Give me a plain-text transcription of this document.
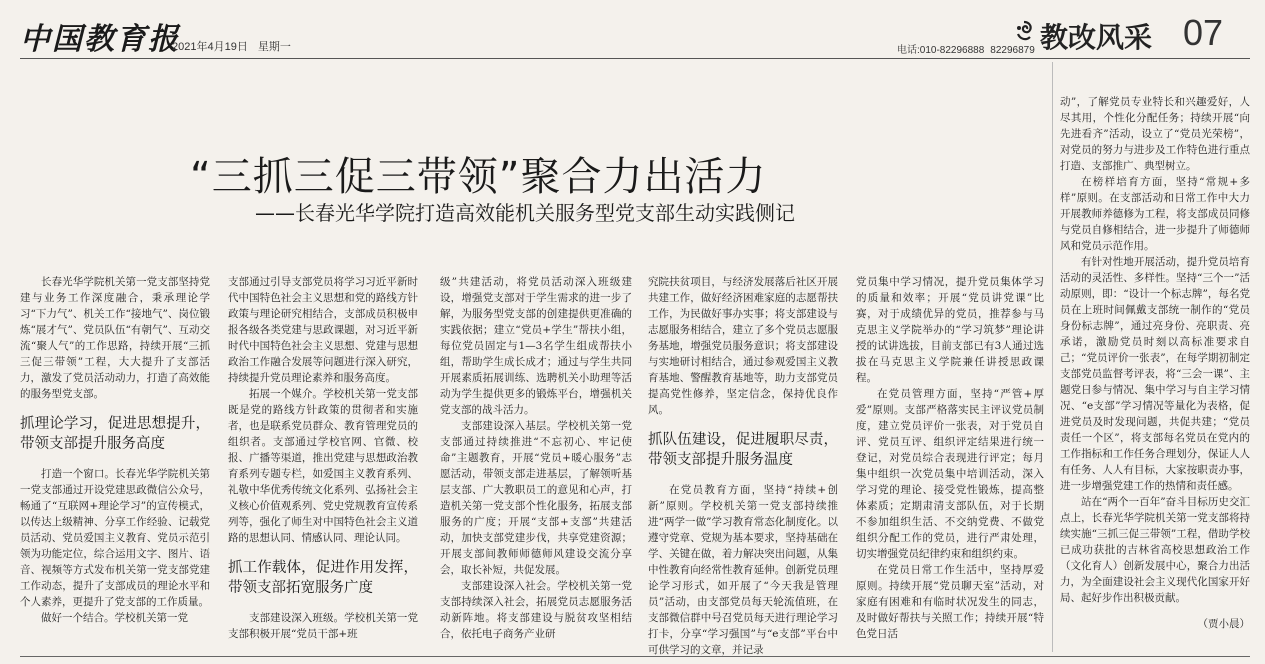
中国教育报
2021年4月19日 星期一	电话:010-82296888 82296879 教改风采 07
“三抓三促三带领”聚合力出活力
——长春光华学院打造高效能机关服务型党支部生动实践侧记

长春光华学院机关第一党支部坚持党建与业务工作深度融合，秉承理论学习“下力气”、机关工作“接地气”、岗位锻炼“展才气”、党员队伍“有朝气”、互动交流“聚人气”的工作思路，持续开展“三抓三促三带领”工程，大大提升了支部活力，激发了党员活动动力，打造了高效能的服务型党支部。

抓理论学习，促进思想提升，带领支部提升服务高度

打造一个窗口。长春光华学院机关第一党支部通过开设党建思政微信公众号，畅通了“互联网+理论学习”的宣传模式，以传达上级精神、分享工作经验、记载党员活动、党员爱国主义教育、党员示范引领为功能定位，综合运用文字、图片、语音、视频等方式发布机关第一党支部党建工作动态，提升了支部成员的理论水平和个人素养，更提升了党支部的工作质量。

做好一个结合。学校机关第一党

支部通过引导支部党员将学习习近平新时代中国特色社会主义思想和党的路线方针政策与理论研究相结合，支部成员积极申报各级各类党建与思政课题，对习近平新时代中国特色社会主义思想、党建与思想政治工作融合发展等问题进行深入研究，持续提升党员理论素养和服务高度。

拓展一个媒介。学校机关第一党支部既是党的路线方针政策的贯彻者和实施者，也是联系党员群众、教育管理党员的组织者。支部通过学校官网、官微、校报、广播等渠道，推出党建与思想政治教育系列专题专栏，如爱国主义教育系列、礼敬中华优秀传统文化系列、弘扬社会主义核心价值观系列、党史党规教育宣传系列等，强化了师生对中国特色社会主义道路的思想认同、情感认同、理论认同。

抓工作载体，促进作用发挥，带领支部拓宽服务广度

支部建设深入班级。学校机关第一党支部积极开展“党员干部+班

级”共建活动，将党员活动深入班级建设，增强党支部对于学生需求的进一步了解，为服务型党支部的创建提供更准确的实践依据；建立“党员+学生”帮扶小组，每位党员固定与1—3名学生组成帮扶小组，帮助学生成长成才；通过与学生共同开展素质拓展训练、选聘机关小助理等活动为学生提供更多的锻炼平台，增强机关党支部的战斗活力。

支部建设深入基层。学校机关第一党支部通过持续推进“不忘初心、牢记使命”主题教育，开展“党员+暖心服务”志愿活动，带领支部走进基层，了解领听基层支部、广大教职员工的意见和心声，打造机关第一党支部个性化服务，拓展支部服务的广度；开展“支部+支部”共建活动，加快支部党建步伐，共享党建资源；开展支部间教师师德师风建设交流分享会，取长补短，共促发展。

支部建设深入社会。学校机关第一党支部持续深入社会，拓展党员志愿服务活动新阵地。将支部建设与脱贫攻坚相结合，依托电子商务产业研

究院扶贫项目，与经济发展落后社区开展共建工作，做好经济困难家庭的志愿帮扶工作，为民做好事办实事；将支部建设与志愿服务相结合，建立了多个党员志愿服务基地，增强党员服务意识；将支部建设与实地研讨相结合，通过参观爱国主义教育基地、警醒教育基地等，助力支部党员提高党性修养，坚定信念，保持优良作风。

抓队伍建设，促进履职尽责，带领支部提升服务温度

在党员教育方面，坚持“持续+创新”原则。学校机关第一党支部持续推进“两学一做”学习教育常态化制度化。以遵守党章、党规为基本要求，坚持基础在学、关键在做，着力解决突出问题，从集中性教育向经常性教育延伸。创新党员理论学习形式，如开展了“今天我是管理员”活动，由支部党员每天轮流值班，在支部微信群中号召党员每天进行理论学习打卡，分享“学习强国”与“e支部”平台中可供学习的文章，并记录

党员集中学习情况，提升党员集体学习的质量和效率；开展“党员讲党课”比赛，对于成绩优异的党员，推荐参与马克思主义学院举办的“学习筑梦”理论讲授的试讲选拔，目前支部已有3人通过选拔在马克思主义学院兼任讲授思政课程。

在党员管理方面，坚持“严管+厚爱”原则。支部严格落实民主评议党员制度，建立党员评价一张表，对于党员自评、党员互评、组织评定结果进行统一登记，对党员综合表现进行评定；每月集中组织一次党员集中培训活动，深入学习党的理论、接受党性锻炼，提高整体素质；定期肃清支部队伍，对于长期不参加组织生活、不交纳党费、不做党组织分配工作的党员，进行严肃处理，切实增强党员纪律约束和组织约束。

在党员日常工作生活中，坚持厚爱原则。持续开展“党员聊天室”活动，对家庭有困难和有临时状况发生的同志，及时做好帮扶与关照工作；持续开展“特色党日活

动”，了解党员专业特长和兴趣爱好，人尽其用，个性化分配任务；持续开展“向先进看齐”活动，设立了“党员光荣榜”，对党员的努力与进步及工作特色进行重点打造、支部推广、典型树立。

在榜样培育方面，坚持“常规+多样”原则。在支部活动和日常工作中大力开展教师养德修为工程，将支部成员同修与党员自修相结合，进一步提升了师德师风和党员示范作用。

有针对性地开展活动，提升党员培育活动的灵活性、多样性。坚持“三个一”活动原则，即：“设计一个标志牌”，每名党员在上班时间佩戴支部统一制作的“党员身份标志牌”，通过亮身份、亮职责、亮承诺，激励党员时刻以高标准要求自己；“党员评价一张表”，在每学期初制定支部党员监督考评表，将“三会一课”、主题党日参与情况、集中学习与自主学习情况、“e支部”学习情况等量化为表格，促进党员及时发现问题，共促共建；“党员责任一个区”，将支部每名党员在党内的工作指标和工作任务合理划分，保证人人有任务、人人有目标，大家按职责办事，进一步增强党建工作的热情和责任感。

站在“两个一百年”奋斗目标历史交汇点上，长春光华学院机关第一党支部将持续实施“三抓三促三带领”工程，借助学校已成功获批的吉林省高校思想政治工作（文化育人）创新发展中心，聚合力出活力，为全面建设社会主义现代化国家开好局、起好步作出积极贡献。

（贾小晨）
